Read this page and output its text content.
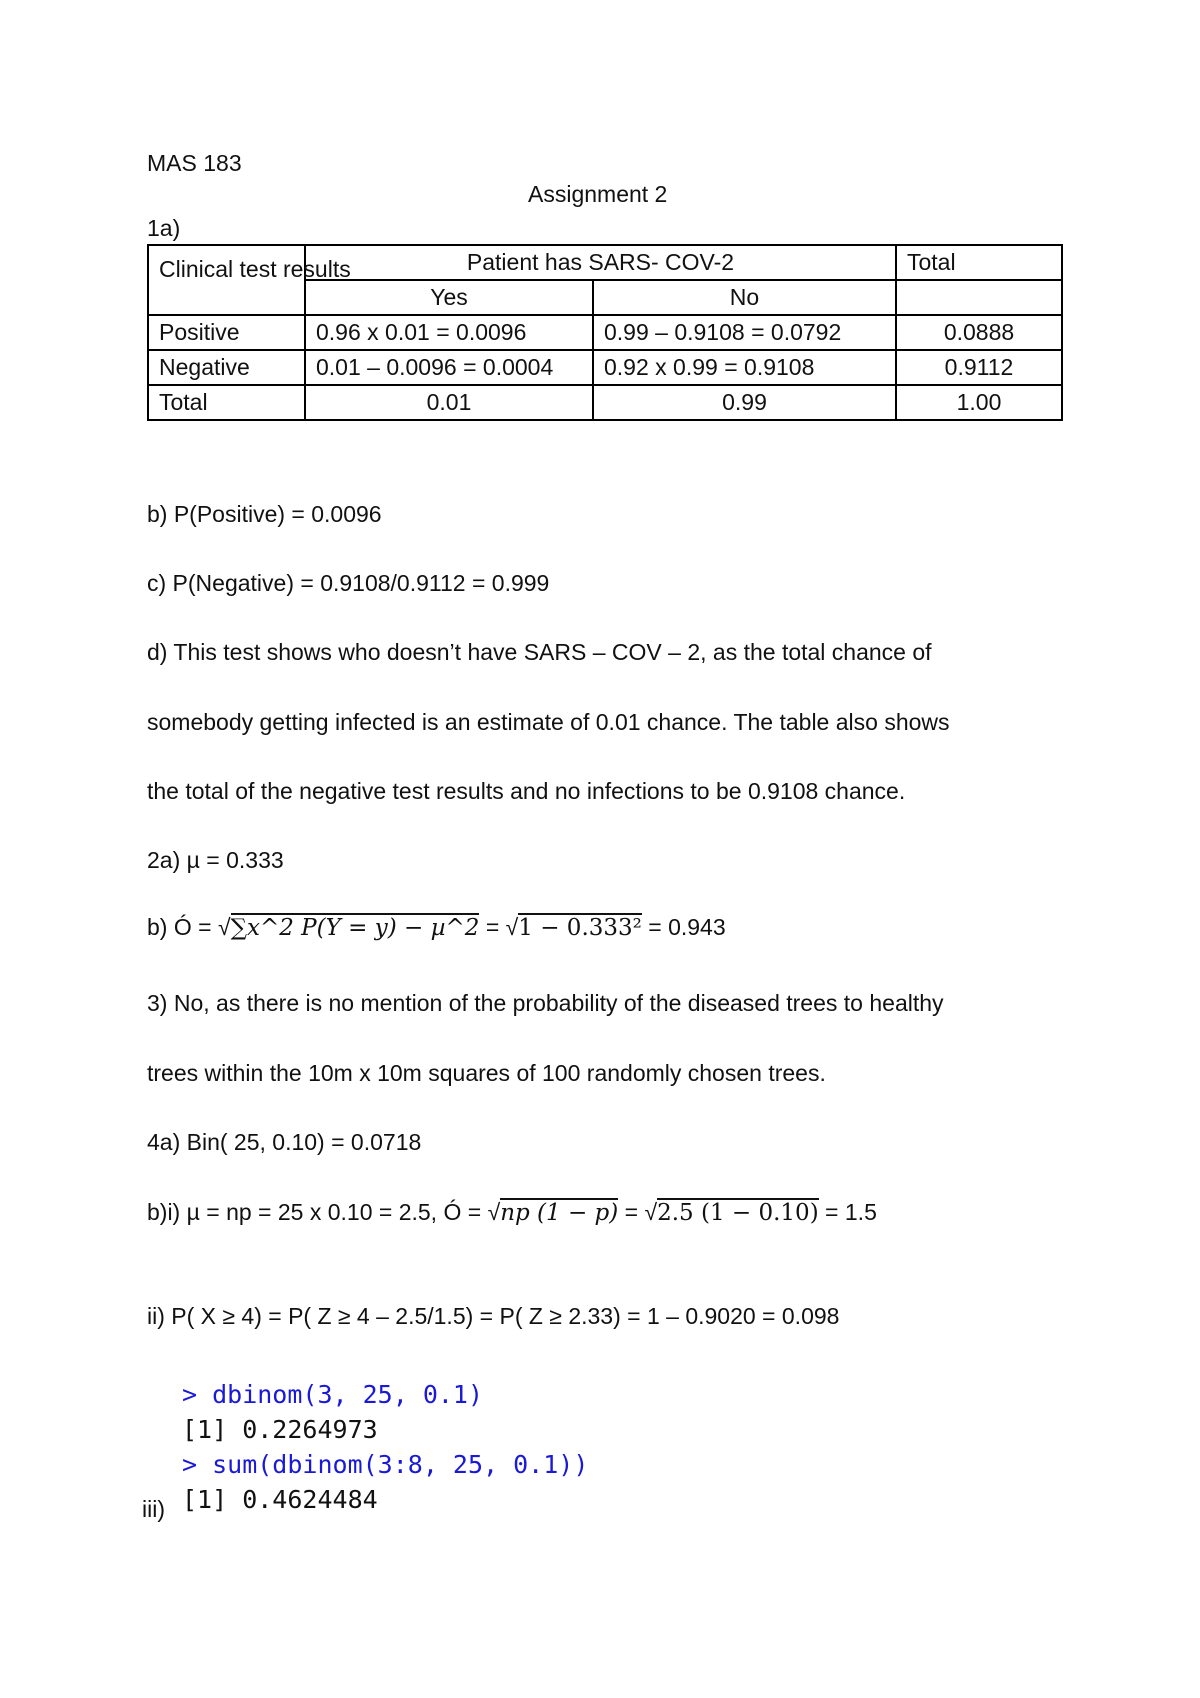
MAS 183
Assignment 2
1a)
Clinical test results	Patient has SARS- COV-2		Total
	Yes	No	
Positive	0.96 x 0.01 = 0.0096	0.99 – 0.9108 = 0.0792	0.0888
Negative	0.01 – 0.0096 = 0.0004	0.92 x 0.99 = 0.9108	0.9112
Total	0.01	0.99	1.00
b) P(Positive) = 0.0096
c) P(Negative) = 0.9108/0.9112 = 0.999
d) This test shows who doesn’t have SARS – COV – 2, as the total chance of
somebody getting infected is an estimate of 0.01 chance. The table also shows
the total of the negative test results and no infections to be 0.9108 chance.
2a) µ = 0.333
b) Ó = √∑x^2 P(Y = y) − µ^2 = √1 − 0.333² = 0.943
3) No, as there is no mention of the probability of the diseased trees to healthy
trees within the 10m x 10m squares of 100 randomly chosen trees.
4a) Bin( 25, 0.10) = 0.0718
b)i) µ = np = 25 x 0.10 = 2.5, Ó = √np (1 − p) = √2.5 (1 − 0.10) = 1.5
ii) P( X ≥ 4) = P( Z ≥ 4 – 2.5/1.5) = P( Z ≥ 2.33) = 1 – 0.9020 = 0.098
> dbinom(3, 25, 0.1)
[1] 0.2264973
> sum(dbinom(3:8, 25, 0.1))
[1] 0.4624484
iii)
